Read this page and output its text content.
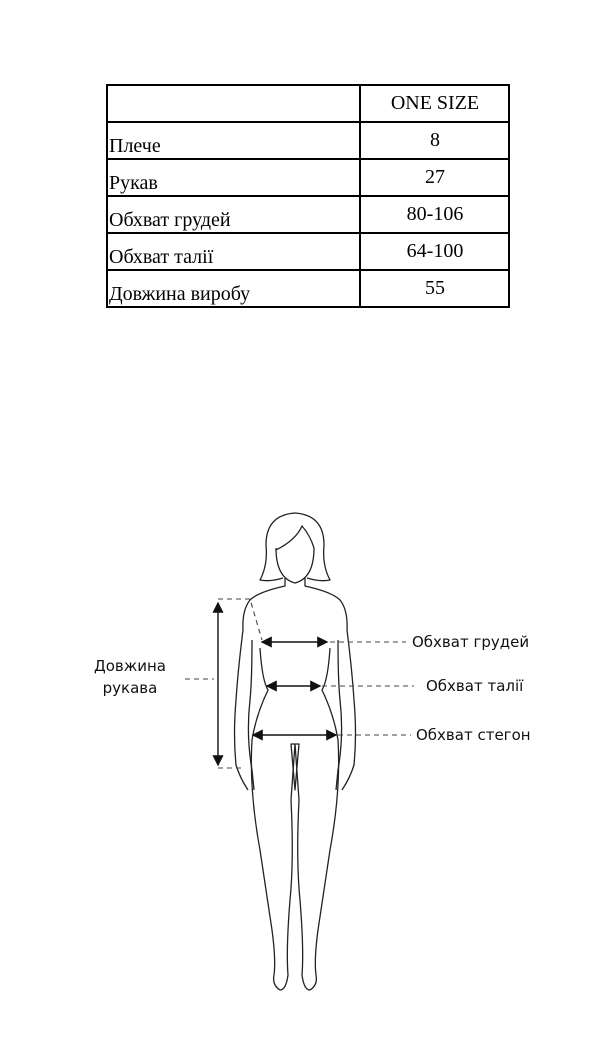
	ONE SIZE
Плече	8
Рукав	27
Обхват грудей	80-106
Обхват талії	64-100
Довжина виробу	55
Довжина
рукава
Обхват грудей
Обхват талії
Обхват стегон
